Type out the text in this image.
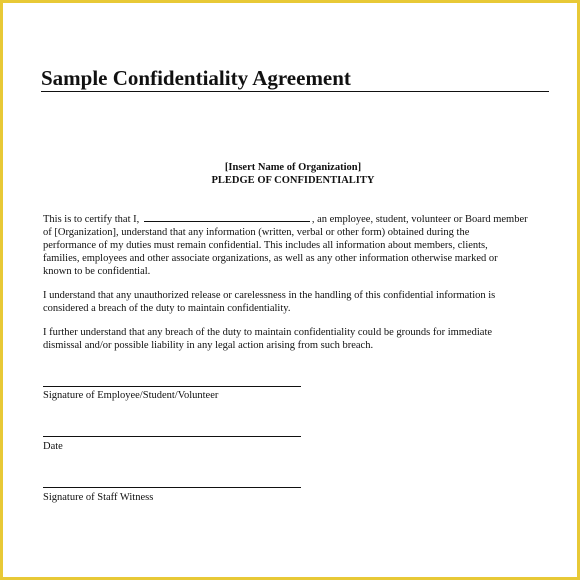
Sample Confidentiality Agreement
[Insert Name of Organization]
PLEDGE OF CONFIDENTIALITY
This is to certify that I,	, an employee, student, volunteer or Board member
of [Organization], understand that any information (written, verbal or other form) obtained during the
performance of my duties must remain confidential. This includes all information about members, clients,
families, employees and other associate organizations, as well as any other information otherwise marked or
known to be confidential.
I understand that any unauthorized release or carelessness in the handling of this confidential information is
considered a breach of the duty to maintain confidentiality.
I further understand that any breach of the duty to maintain confidentiality could be grounds for immediate
dismissal and/or possible liability in any legal action arising from such breach.
Signature of Employee/Student/Volunteer
Date
Signature of Staff Witness
